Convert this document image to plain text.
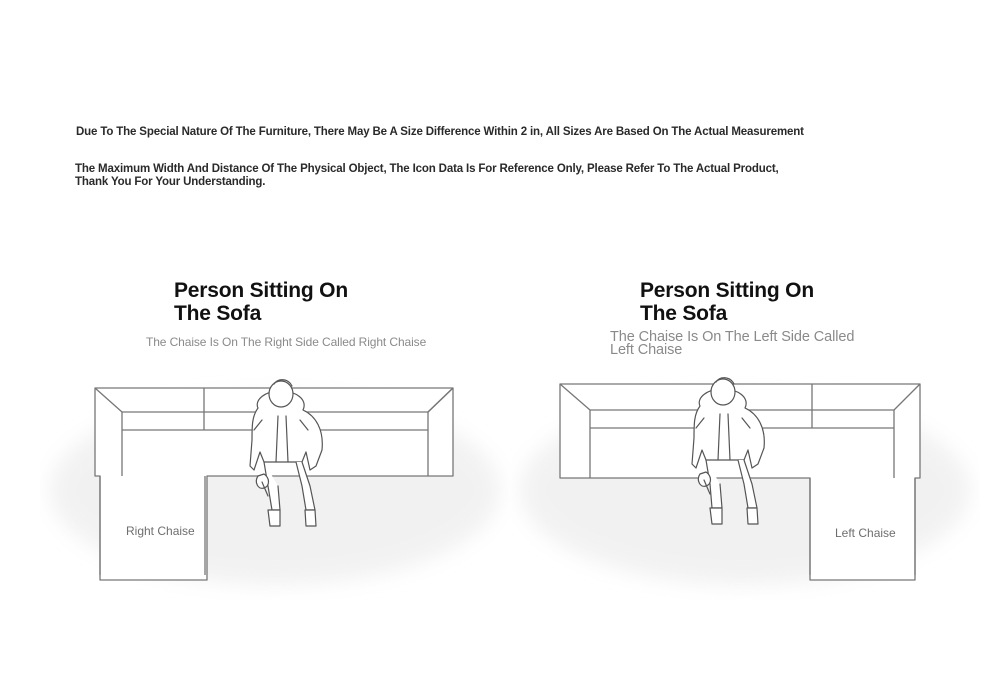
Due To The Special Nature Of The Furniture, There May Be A Size Difference Within 2 in, All Sizes Are Based On The Actual Measurement
The Maximum Width And Distance Of The Physical Object, The Icon Data Is For Reference Only, Please Refer To The Actual Product,
Thank You For Your Understanding.
Person Sitting On
The Sofa
The Chaise Is On The Right Side Called Right Chaise
Right Chaise
Person Sitting On
The Sofa
The Chaise Is On The Left Side Called
Left Chaise
Left Chaise
